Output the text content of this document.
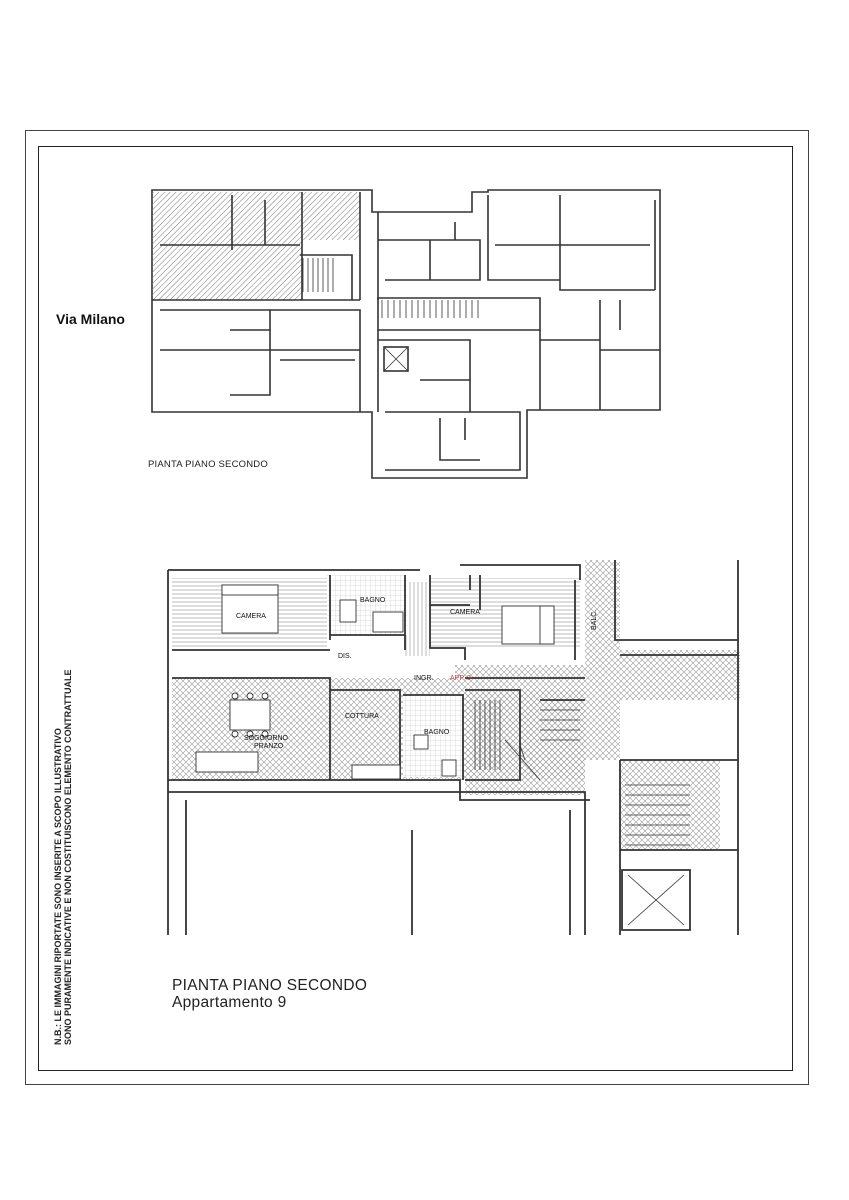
CAMERA
BAGNO
CAMERA	BALC.
DIS.
INGR. APP. 9
COTTURA
SOGGIORNO
PRANZO
BAGNO
Via Milano
PIANTA PIANO SECONDO
PIANTA PIANO SECONDO
Appartamento 9
N.B.: LE IMMAGINI RIPORTATE SONO INSERITE A SCOPO ILLUSTRATIVO SONO PURAMENTE INDICATIVE E NON COSTITUISCONO ELEMENTO CONTRATTUALE
